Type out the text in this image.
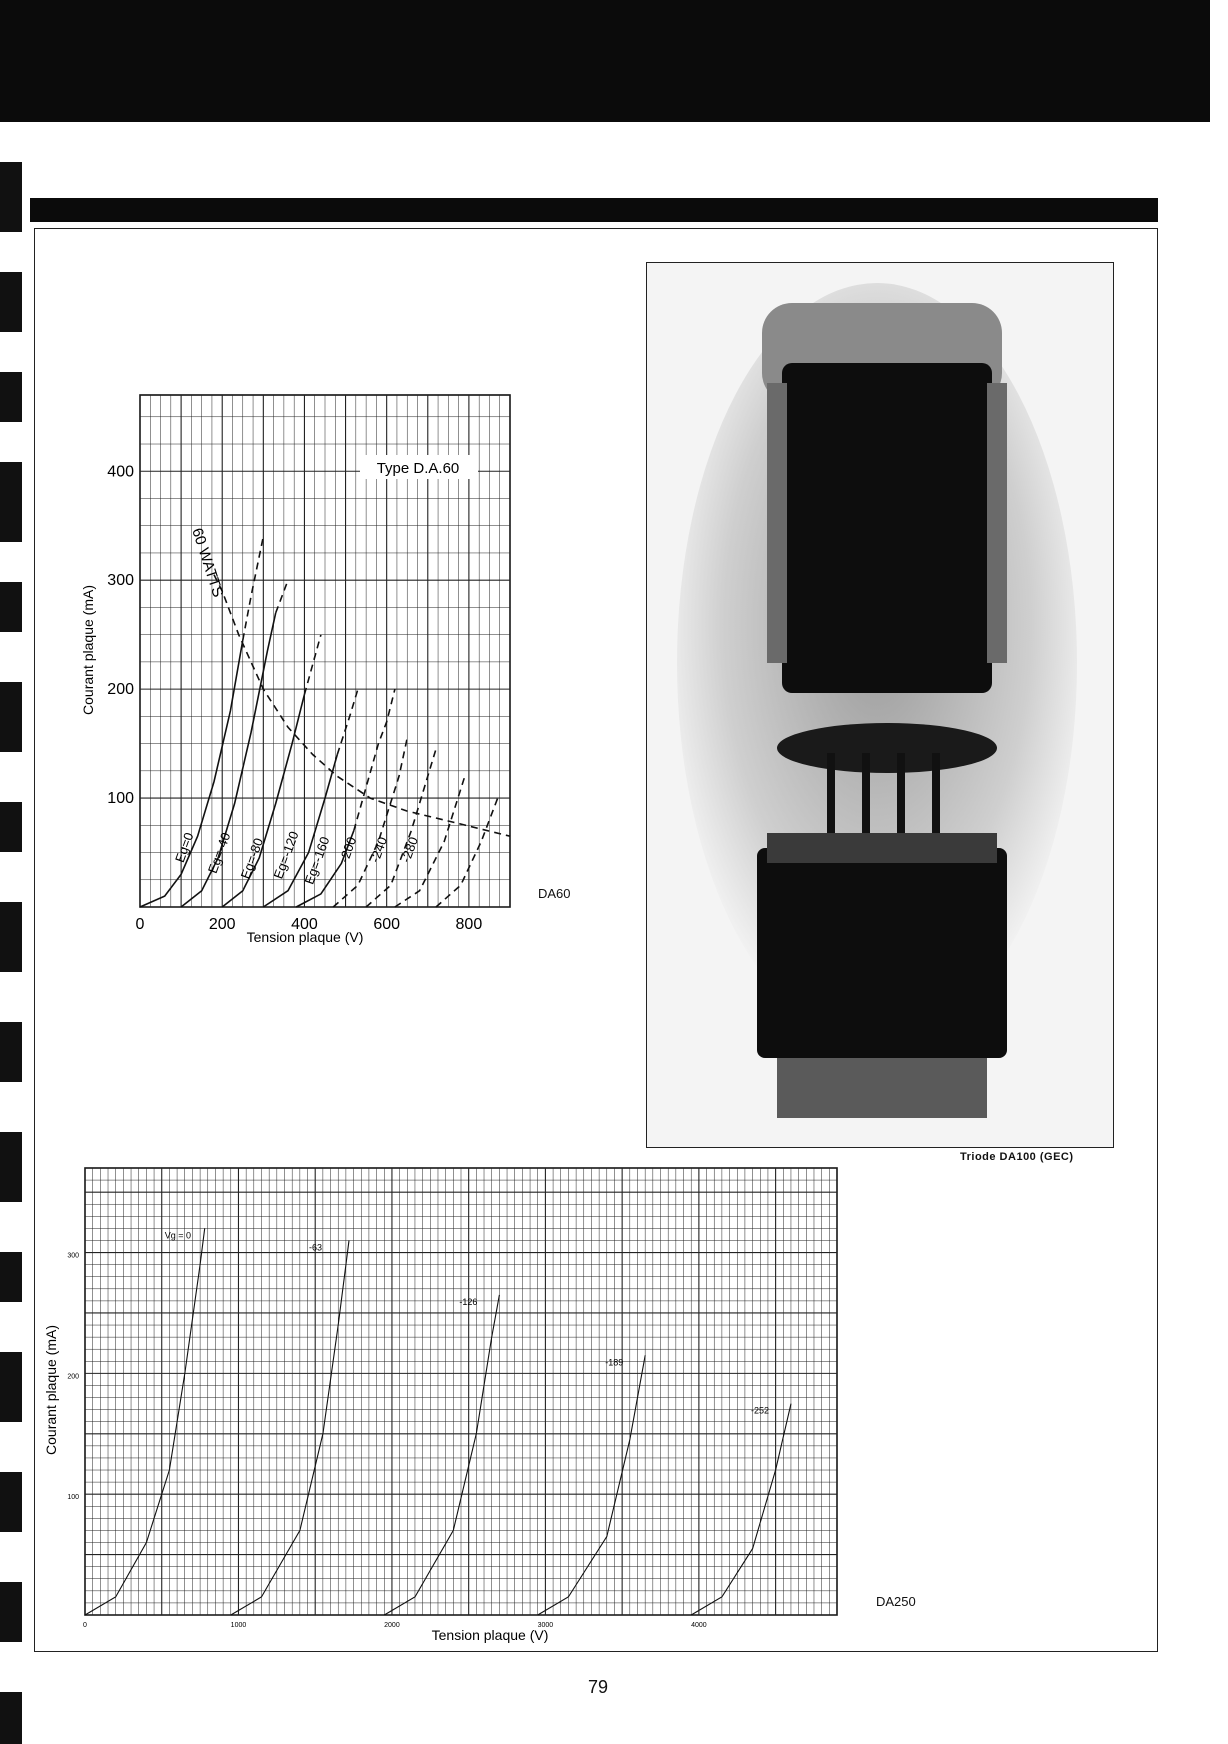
Eg=0 Eg=-40 Eg=-80 Eg=-120 Eg=-160 -200 -240 -280
100
200
300
400
0	200	400	600	800
Type D.A.60
60 WATTS
Courant plaque (mA)
Tension plaque (V)
DA60
Triode DA100 (GEC)
Vg = 0
-63
-126
-189
-252
100
200
300
0	1000	2000	3000	4000
Courant plaque (mA)
Tension plaque (V)
DA250
79
